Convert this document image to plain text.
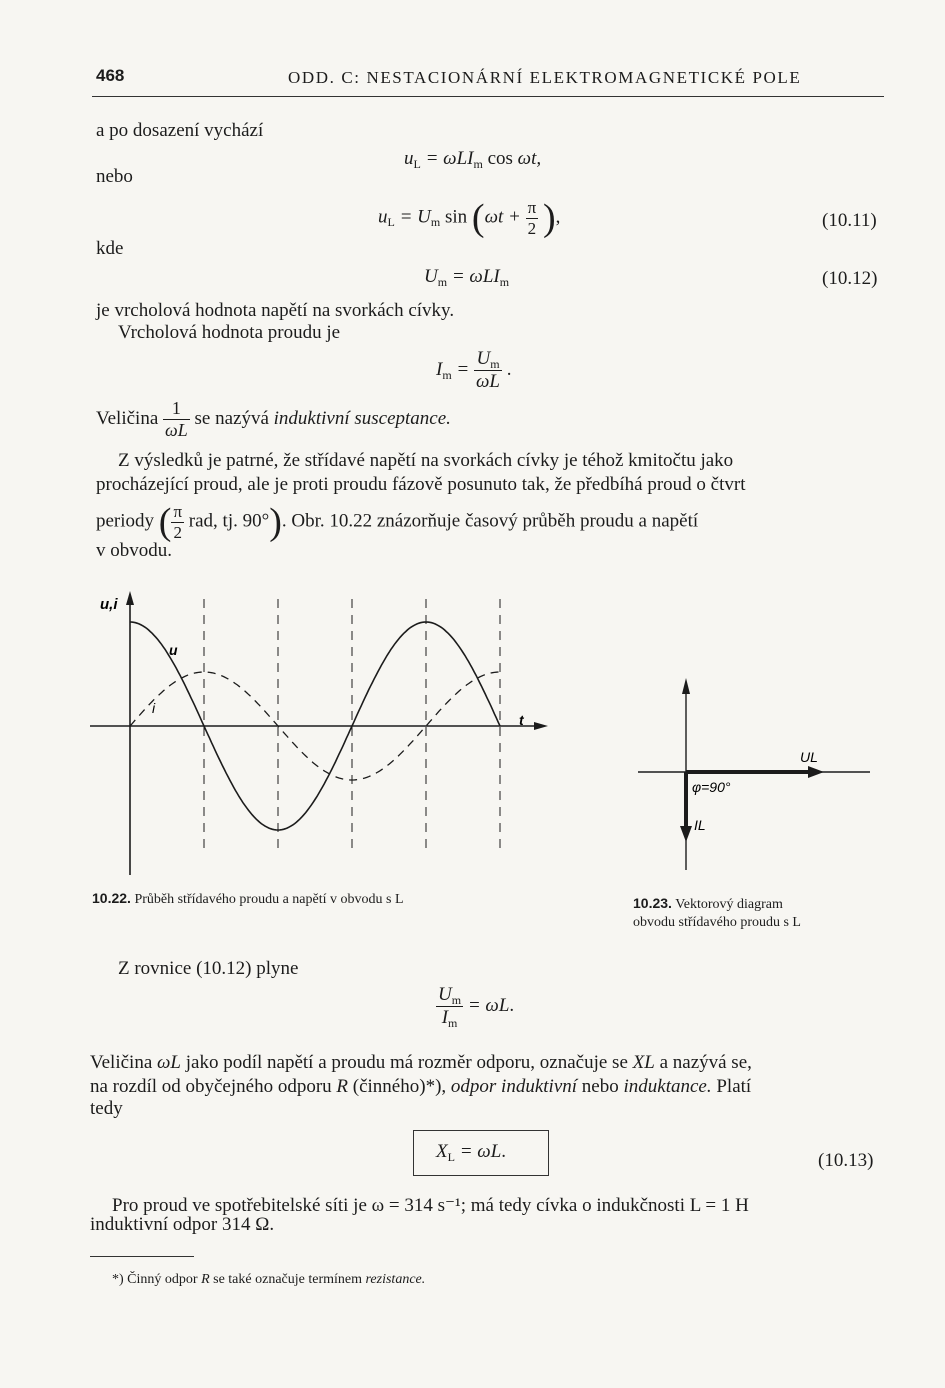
468	ODD. C: NESTACIONÁRNÍ ELEKTROMAGNETICKÉ POLE
a po dosazení vychází
$u_L = \omega LI_m$ cos ωt,
nebo
$u_L = U_m$ $\sin (\omega t + \frac{\pi}{2}$ ),	(10.11)
kde
$U_m = \omega LI_m$	(10.12)
je vrcholová hodnota napětí na svorkách cívky.
Vrcholová hodnota proudu je
$I_m = \frac{U_m}{\omega L}$ .
Veličina $\frac{1}{\omega L}$ se nazývá induktivní susceptance.
Z výsledků je patrné, že střídavé napětí na svorkách cívky je téhož kmitočtu jako
procházející proud, ale je proti proudu fázově posunuto tak, že předbíhá proud o čtvrt
periody ( $\frac{\pi}{2}$ rad, tj. 90°). Obr. 10.22 znázorňuje časový průběh proudu a napětí
v obvodu.
u,i
u
i
t
10.22. Průběh střídavého proudu a napětí v obvodu s L
UL
IL
φ=90°
10.23. Vektorový diagram
obvodu střídavého proudu s L
Z rovnice (10.12) plyne
$\frac{U_m}{I_m} = \omega L$.
Veličina ωL jako podíl napětí a proudu má rozměr odporu, označuje se XL a nazývá se,
na rozdíl od obyčejného odporu R (činného)*), odpor induktivní nebo induktance. Platí
tedy
$X_L = \omega L$.	(10.13)
Pro proud ve spotřebitelské síti je ω = 314 s⁻¹; má tedy cívka o indukčnosti L = 1 H
induktivní odpor 314 Ω.
*) Činný odpor R se také označuje termínem rezistance.
